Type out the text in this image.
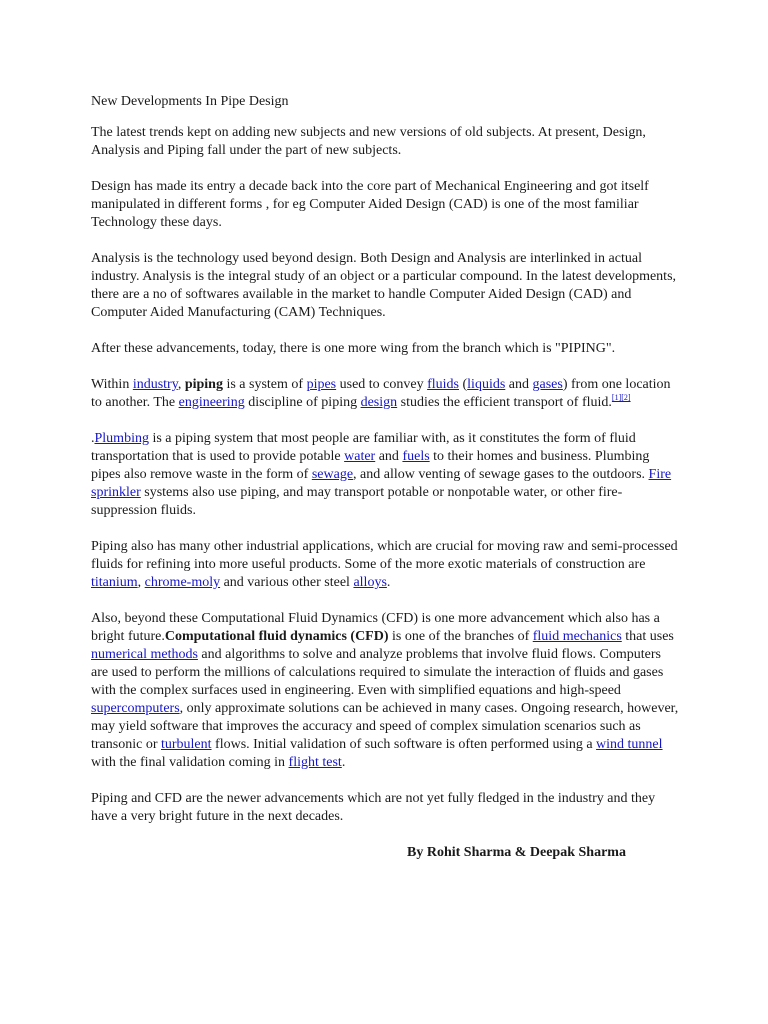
New Developments In Pipe Design

The latest trends kept on adding new subjects and new versions of old subjects. At present, Design, Analysis and Piping fall under the part of new subjects.

Design has made its entry a decade back into the core part of Mechanical Engineering and got itself manipulated in different forms , for eg Computer Aided Design (CAD) is one of the most familiar Technology these days.

Analysis is the technology used beyond design. Both Design and Analysis are interlinked in actual industry. Analysis is the integral study of an object or a particular compound. In the latest developments, there are a no of softwares available in the market to handle Computer Aided Design (CAD) and Computer Aided Manufacturing (CAM) Techniques.

After these advancements, today, there is one more wing from the branch which is "PIPING".

Within industry, piping is a system of pipes used to convey fluids (liquids and gases) from one location to another. The engineering discipline of piping design studies the efficient transport of fluid.[1][2]

.Plumbing is a piping system that most people are familiar with, as it constitutes the form of fluid transportation that is used to provide potable water and fuels to their homes and business. Plumbing pipes also remove waste in the form of sewage, and allow venting of sewage gases to the outdoors. Fire sprinkler systems also use piping, and may transport potable or nonpotable water, or other fire-suppression fluids.

Piping also has many other industrial applications, which are crucial for moving raw and semi-processed fluids for refining into more useful products. Some of the more exotic materials of construction are titanium, chrome-moly and various other steel alloys.

Also, beyond these Computational Fluid Dynamics (CFD) is one more advancement which also has a bright future.Computational fluid dynamics (CFD) is one of the branches of fluid mechanics that uses numerical methods and algorithms to solve and analyze problems that involve fluid flows. Computers are used to perform the millions of calculations required to simulate the interaction of fluids and gases with the complex surfaces used in engineering. Even with simplified equations and high-speed supercomputers, only approximate solutions can be achieved in many cases. Ongoing research, however, may yield software that improves the accuracy and speed of complex simulation scenarios such as transonic or turbulent flows. Initial validation of such software is often performed using a wind tunnel with the final validation coming in flight test.

Piping and CFD are the newer advancements which are not yet fully fledged in the industry and they have a very bright future in the next decades.

By Rohit Sharma & Deepak Sharma
